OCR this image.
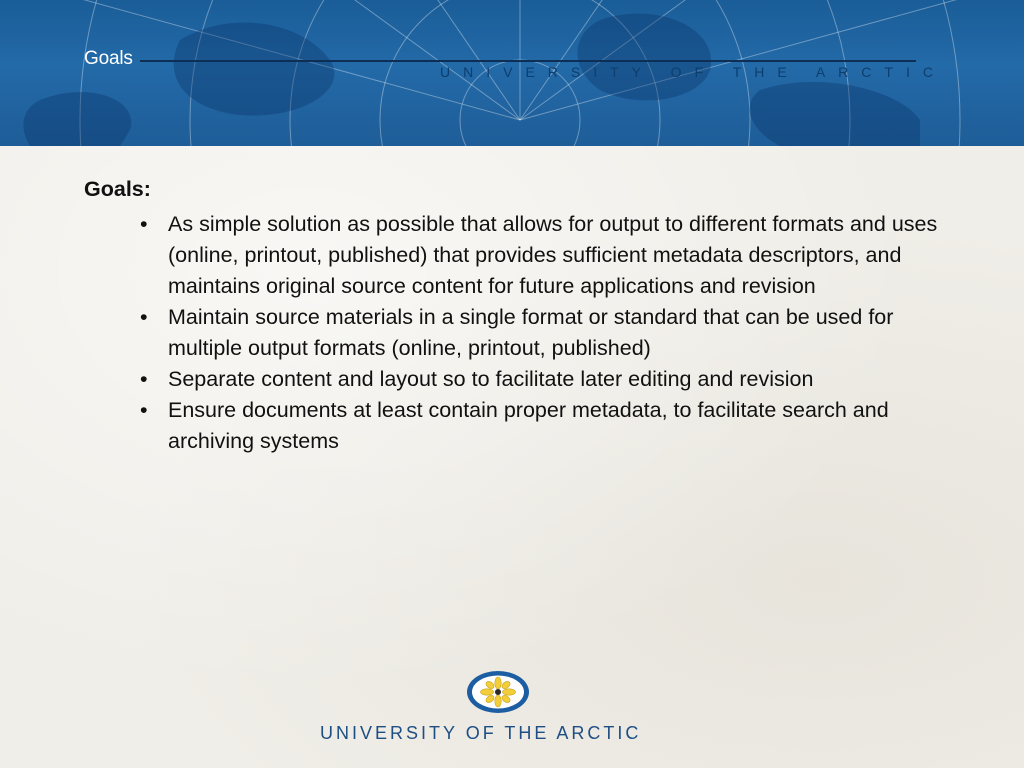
Goals
UNIVERSITY OF THE ARCTIC

Goals:

• As simple solution as possible that allows for output to different formats and uses (online, printout, published) that provides sufficient metadata descriptors, and maintains original source content for future applications and revision
• Maintain source materials in a single format or standard that can be used for multiple output formats (online, printout, published)
• Separate content and layout so to facilitate later editing and revision
• Ensure documents at least contain proper metadata, to facilitate search and archiving systems
UNIVERSITY OF THE ARCTIC
